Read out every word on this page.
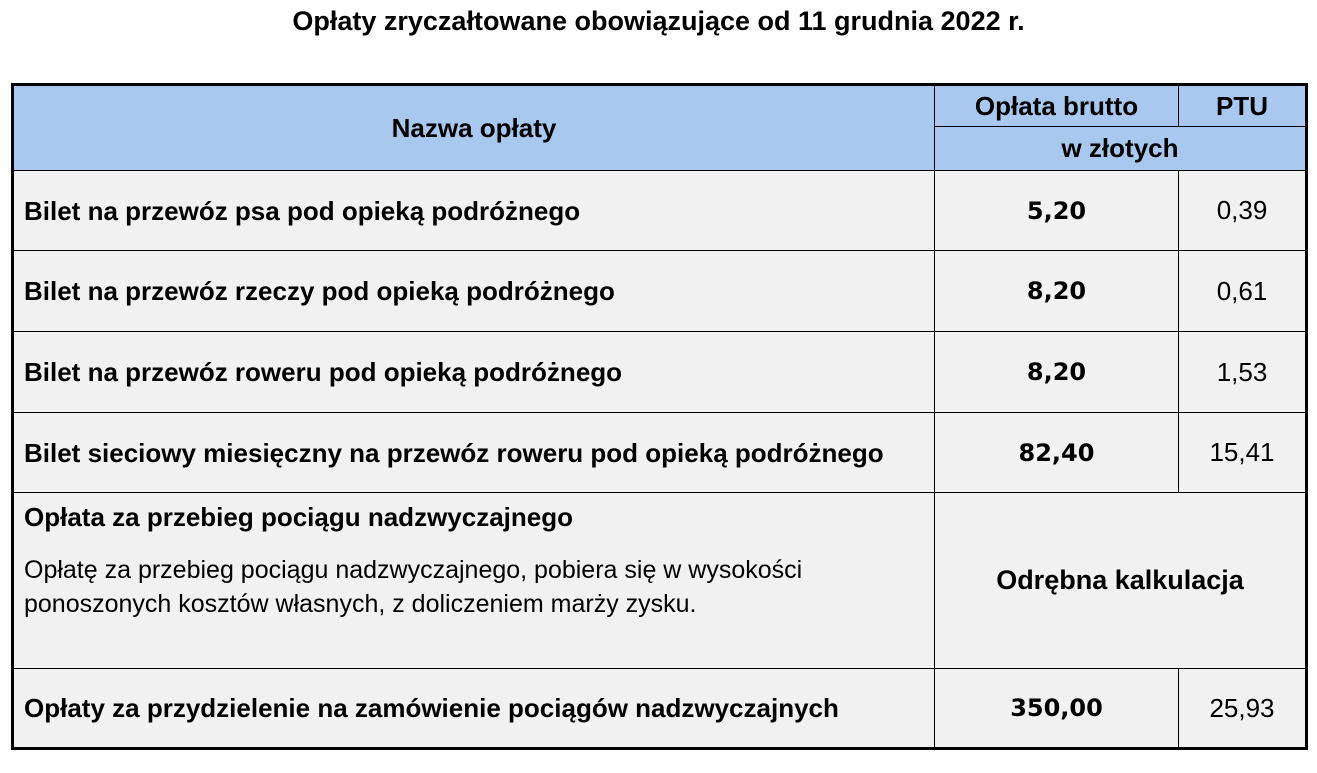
Opłaty zryczałtowane obowiązujące od 11 grudnia 2022 r.
Nazwa opłaty	Opłata brutto	PTU
	w złotych	
Bilet na przewóz psa pod opieką podróżnego	5,20	0,39
Bilet na przewóz rzeczy pod opieką podróżnego	8,20	0,61
Bilet na przewóz roweru pod opieką podróżnego	8,20	1,53
Bilet sieciowy miesięczny na przewóz roweru pod opieką podróżnego	82,40	15,41

Opłata za przebieg pociągu nadzwyczajnego
Opłatę za przebieg pociągu nadzwyczajnego, pobiera się w wysokości ponoszonych kosztów własnych, z doliczeniem marży zysku.	Odrębna kalkulacja	
Opłaty za przydzielenie na zamówienie pociągów nadzwyczajnych	350,00	25,93
